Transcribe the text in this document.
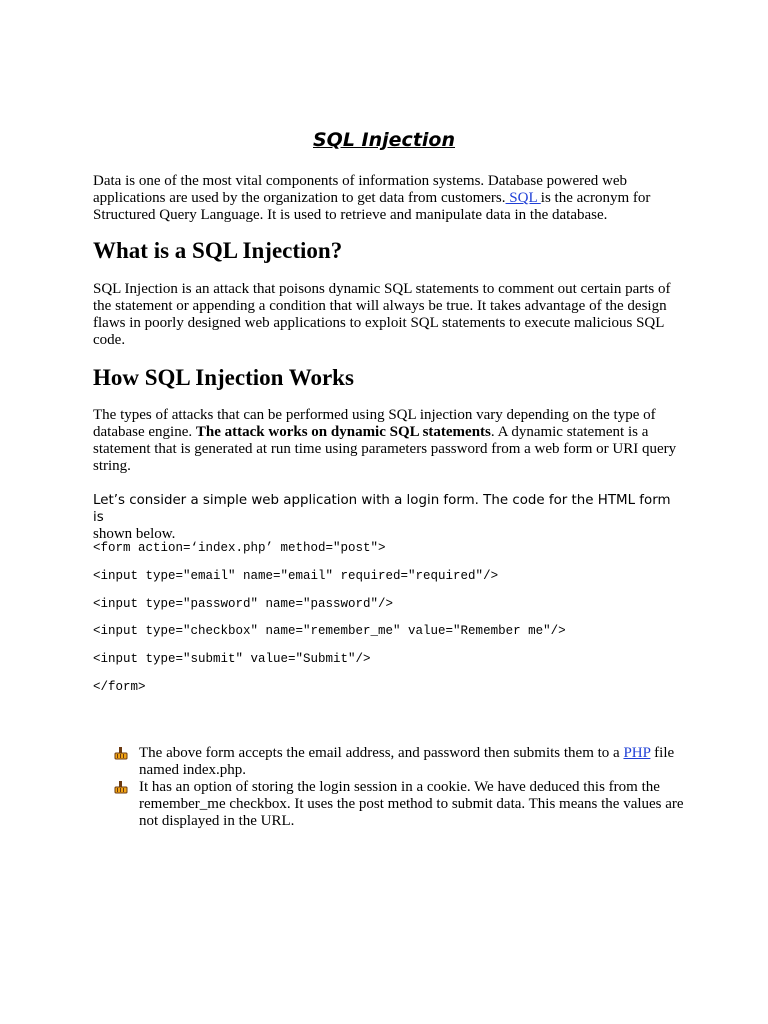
SQL Injection

Data is one of the most vital components of information systems. Database powered web applications are used by the organization to get data from customers. SQL is the acronym for Structured Query Language. It is used to retrieve and manipulate data in the database.

What is a SQL Injection?

SQL Injection is an attack that poisons dynamic SQL statements to comment out certain parts of the statement or appending a condition that will always be true. It takes advantage of the design flaws in poorly designed web applications to exploit SQL statements to execute malicious SQL code.

How SQL Injection Works

The types of attacks that can be performed using SQL injection vary depending on the type of database engine. The attack works on dynamic SQL statements. A dynamic statement is a statement that is generated at run time using parameters password from a web form or URI query string.

Let’s consider a simple web application with a login form. The code for the HTML form is
shown below.

<form action=‘index.php’ method="post">
<input type="email" name="email" required="required"/>
<input type="password" name="password"/>
<input type="checkbox" name="remember_me" value="Remember me"/>
<input type="submit" value="Submit"/>
</form>
The above form accepts the email address, and password then submits them to a PHP file named index.php.
It has an option of storing the login session in a cookie. We have deduced this from the remember_me checkbox. It uses the post method to submit data. This means the values are not displayed in the URL.
